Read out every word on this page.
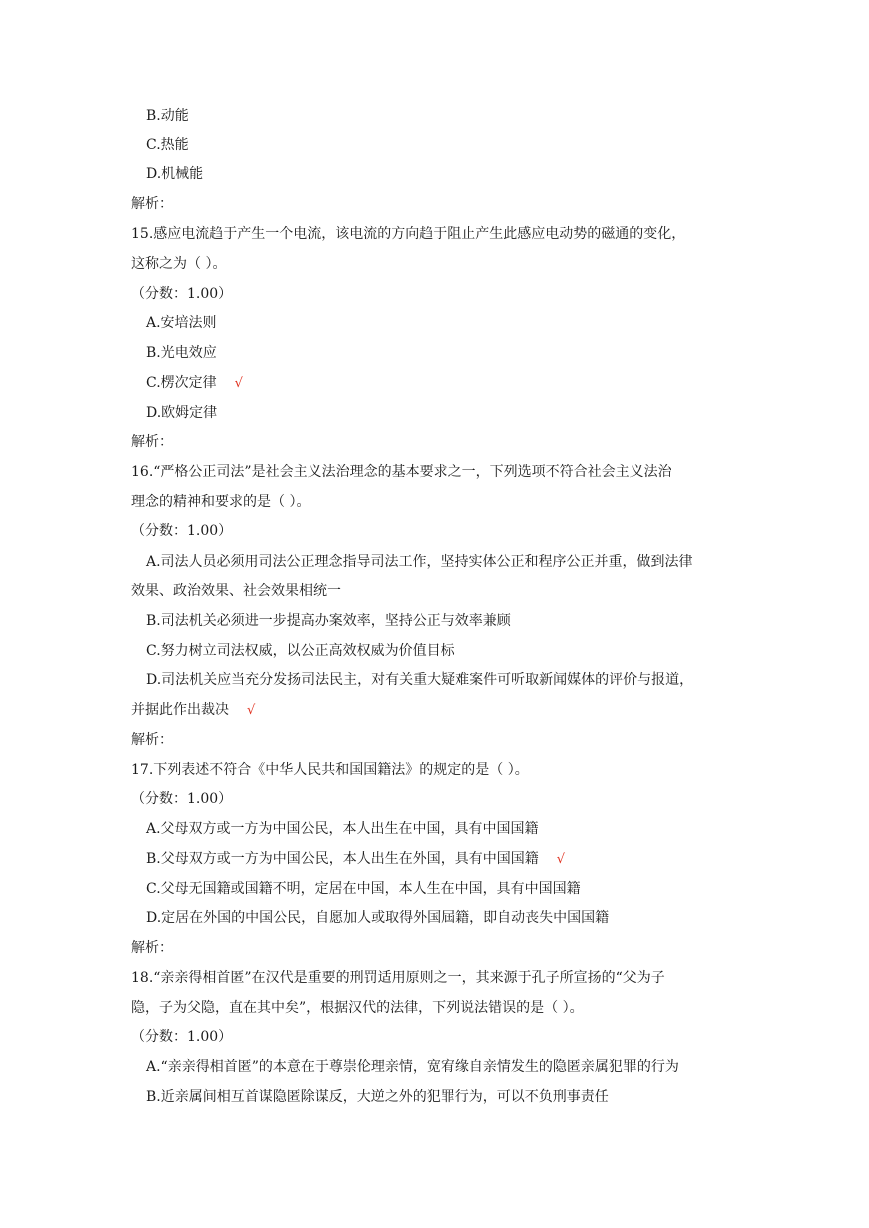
B.动能
C.热能
D.机械能
解析：
15.感应电流趋于产生一个电流，该电流的方向趋于阻止产生此感应电动势的磁通的变化，
这称之为（ ）。
（分数：1.00）
A.安培法则
B.光电效应
C.楞次定律 √
D.欧姆定律
解析：
16.“严格公正司法”是社会主义法治理念的基本要求之一，下列选项不符合社会主义法治
理念的精神和要求的是（ ）。
（分数：1.00）
A.司法人员必须用司法公正理念指导司法工作，坚持实体公正和程序公正并重，做到法律
效果、政治效果、社会效果相统一
B.司法机关必须进一步提高办案效率，坚持公正与效率兼顾
C.努力树立司法权威，以公正高效权威为价值目标
D.司法机关应当充分发扬司法民主，对有关重大疑难案件可听取新闻媒体的评价与报道，
并据此作出裁决 √
解析：
17.下列表述不符合《中华人民共和国国籍法》的规定的是（ ）。
（分数：1.00）
A.父母双方或一方为中国公民，本人出生在中国，具有中国国籍
B.父母双方或一方为中国公民，本人出生在外国，具有中国国籍 √
C.父母无国籍或国籍不明，定居在中国，本人生在中国，具有中国国籍
D.定居在外国的中国公民，自愿加人或取得外国屆籍，即自动丧失中国国籍
解析：
18.“亲亲得相首匿”在汉代是重要的刑罚适用原则之一，其来源于孔子所宣扬的“父为子
隐，子为父隐，直在其中矣”，根据汉代的法律，下列说法错误的是（ ）。
（分数：1.00）
A.“亲亲得相首匿”的本意在于尊崇伦理亲情，宽宥缘自亲情发生的隐匿亲属犯罪的行为
B.近亲属间相互首谋隐匿除谋反，大逆之外的犯罪行为，可以不负刑事责任
